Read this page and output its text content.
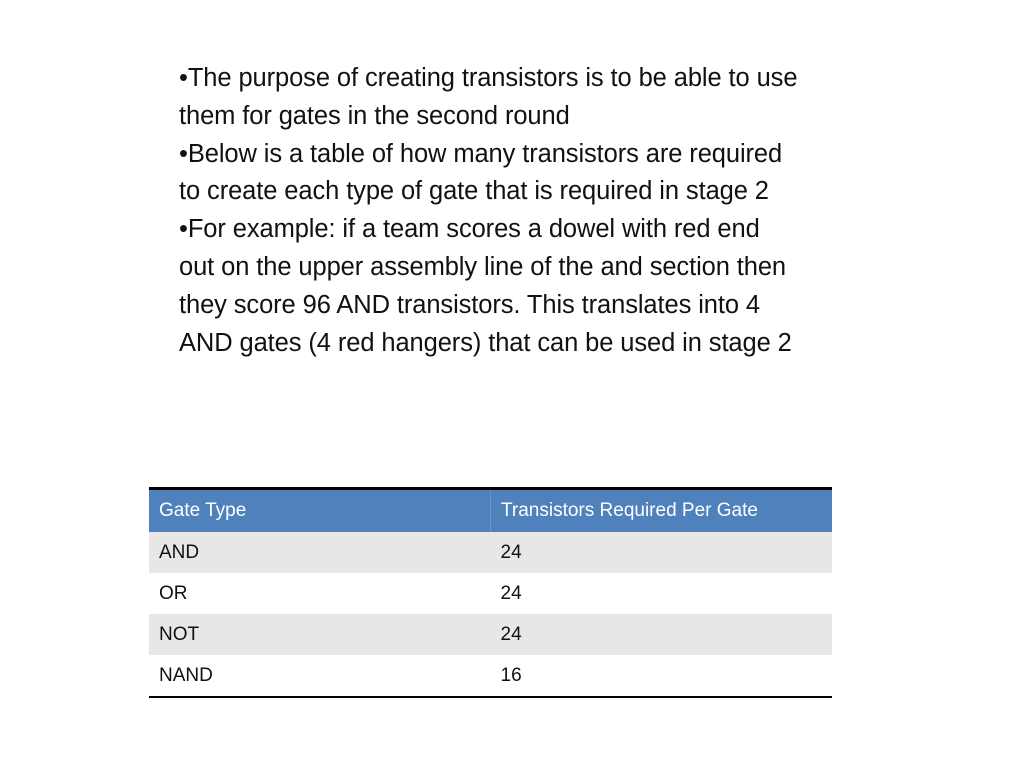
•The purpose of creating transistors is to be able to use them for gates in the second round

•Below is a table of how many transistors are required to create each type of gate that is required in stage 2

•For example: if a team scores a dowel with red end out on the upper assembly line of the and section then they score 96 AND transistors. This translates into 4 AND gates (4 red hangers) that can be used in stage 2

Gate Type	Transistors Required Per Gate
AND	24
OR	24
NOT	24
NAND	16
